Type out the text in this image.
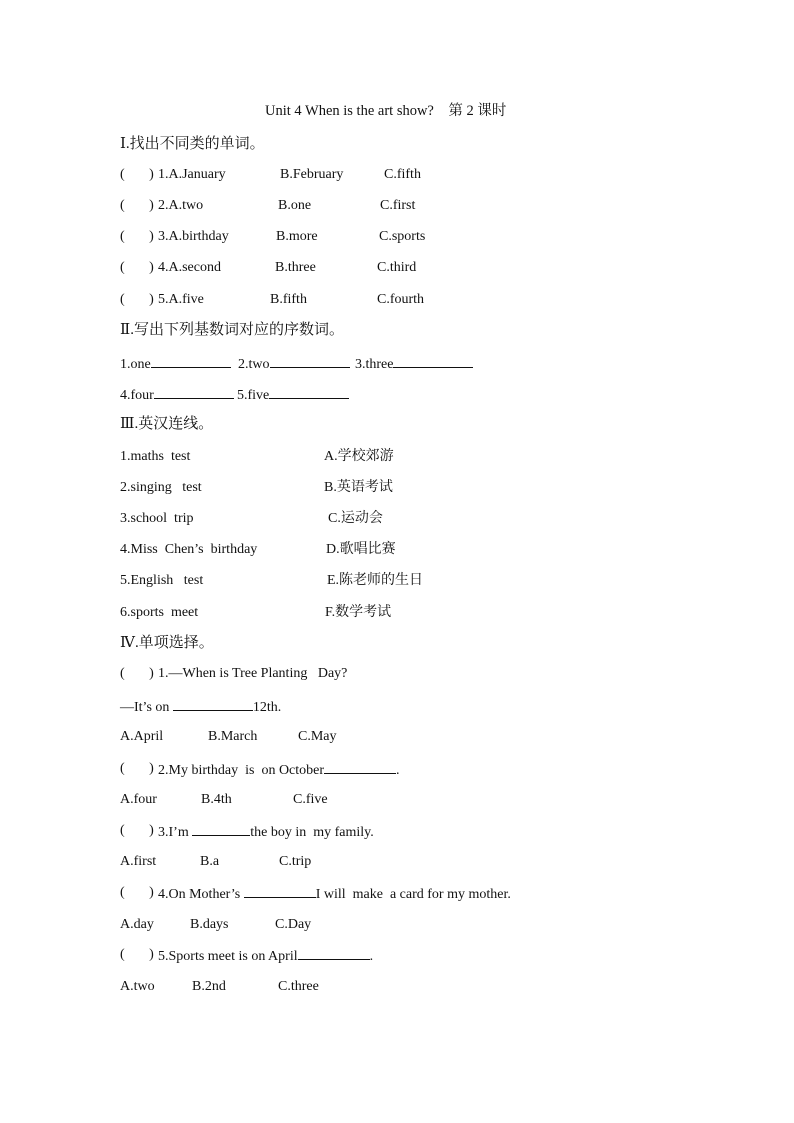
Unit 4 When is the art show?    第 2 课时
Ⅰ.找出不同类的单词。
(       ) 1.A.January	B.February	C.fifth
(       ) 2.A.two	B.one	C.first
(       ) 3.A.birthday	B.more	C.sports
(       ) 4.A.second	B.three	C.third
(       ) 5.A.five	B.fifth	C.fourth
Ⅱ.写出下列基数词对应的序数词。
1.one	2.two	3.three
4.four	5.five
Ⅲ.英汉连线。
1.maths  test	A.学校郊游
2.singing   test	B.英语考试
3.school  trip	C.运动会
4.Miss  Chen’s  birthday	D.歌唱比赛
5.English   test	E.陈老师的生日
6.sports  meet	F.数学考试
Ⅳ.单项选择。
(       ) 1.—When is Tree Planting   Day?
—It’s on	12th.
A.April	B.March	C.May
(       ) 2.My birthday  is  on October	.
A.four	B.4th	C.five
(       ) 3.I’m	the boy in  my family.
A.first	B.a	C.trip
(       ) 4.On Mother’s	I will  make  a card for my mother.
A.day	B.days	C.Day
(       ) 5.Sports meet is on April	.
A.two	B.2nd	C.three
